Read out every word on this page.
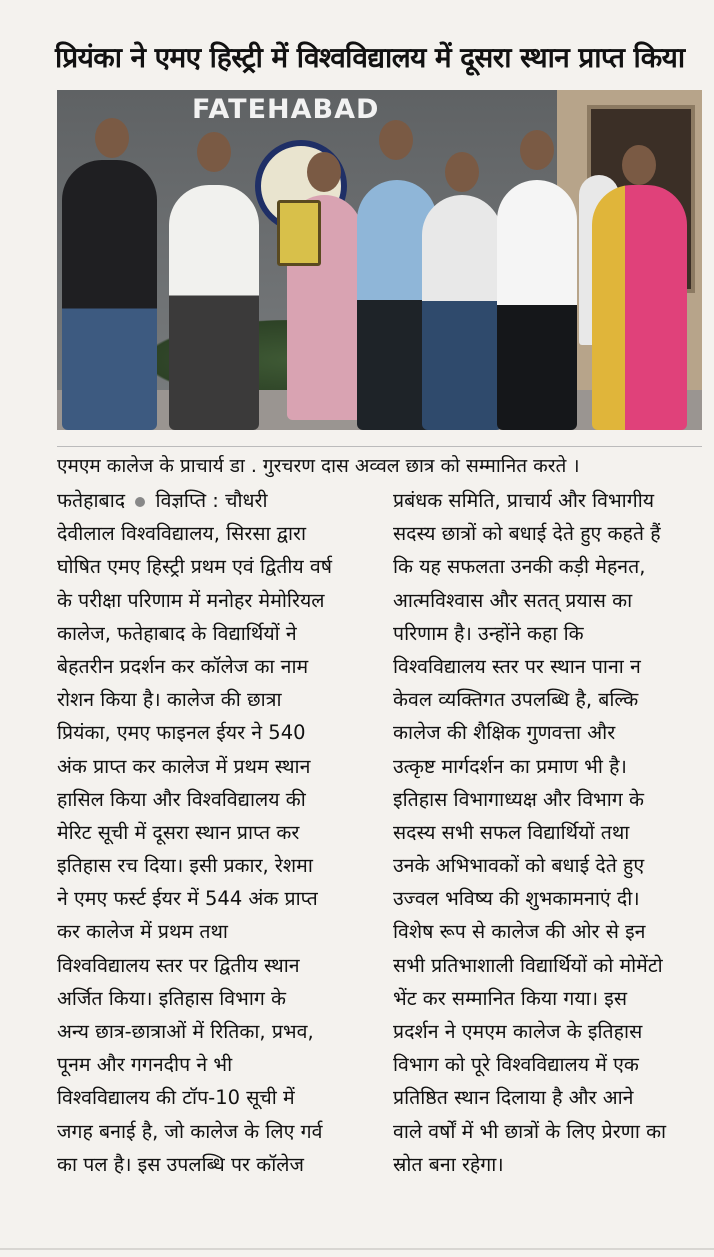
प्रियंका ने एमए हिस्ट्री में विश्वविद्यालय में दूसरा स्थान प्राप्त किया
FATEHABAD
एमएम कालेज के प्राचार्य डा . गुरचरण दास अव्वल छात्र को सम्मानित करते ।
फतेहाबाद विज्ञप्ति : चौधरी
देवीलाल विश्वविद्यालय, सिरसा द्वारा
घोषित एमए हिस्ट्री प्रथम एवं द्वितीय वर्ष
के परीक्षा परिणाम में मनोहर मेमोरियल
कालेज, फतेहाबाद के विद्यार्थियों ने
बेहतरीन प्रदर्शन कर कॉलेज का नाम
रोशन किया है। कालेज की छात्रा
प्रियंका, एमए फाइनल ईयर ने 540
अंक प्राप्त कर कालेज में प्रथम स्थान
हासिल किया और विश्वविद्यालय की
मेरिट सूची में दूसरा स्थान प्राप्त कर
इतिहास रच दिया। इसी प्रकार, रेशमा
ने एमए फर्स्ट ईयर में 544 अंक प्राप्त
कर कालेज में प्रथम तथा
विश्वविद्यालय स्तर पर द्वितीय स्थान
अर्जित किया। इतिहास विभाग के
अन्य छात्र-छात्राओं में रितिका, प्रभव,
पूनम और गगनदीप ने भी
विश्वविद्यालय की टॉप-10 सूची में
जगह बनाई है, जो कालेज के लिए गर्व
का पल है। इस उपलब्धि पर कॉलेज
प्रबंधक समिति, प्राचार्य और विभागीय
सदस्य छात्रों को बधाई देते हुए कहते हैं
कि यह सफलता उनकी कड़ी मेहनत,
आत्मविश्वास और सतत् प्रयास का
परिणाम है। उन्होंने कहा कि
विश्वविद्यालय स्तर पर स्थान पाना न
केवल व्यक्तिगत उपलब्धि है, बल्कि
कालेज की शैक्षिक गुणवत्ता और
उत्कृष्ट मार्गदर्शन का प्रमाण भी है।
इतिहास विभागाध्यक्ष और विभाग के
सदस्य सभी सफल विद्यार्थियों तथा
उनके अभिभावकों को बधाई देते हुए
उज्वल भविष्य की शुभकामनाएं दी।
विशेष रूप से कालेज की ओर से इन
सभी प्रतिभाशाली विद्यार्थियों को मोमेंटो
भेंट कर सम्मानित किया गया। इस
प्रदर्शन ने एमएम कालेज के इतिहास
विभाग को पूरे विश्वविद्यालय में एक
प्रतिष्ठित स्थान दिलाया है और आने
वाले वर्षों में भी छात्रों के लिए प्रेरणा का
स्रोत बना रहेगा।
